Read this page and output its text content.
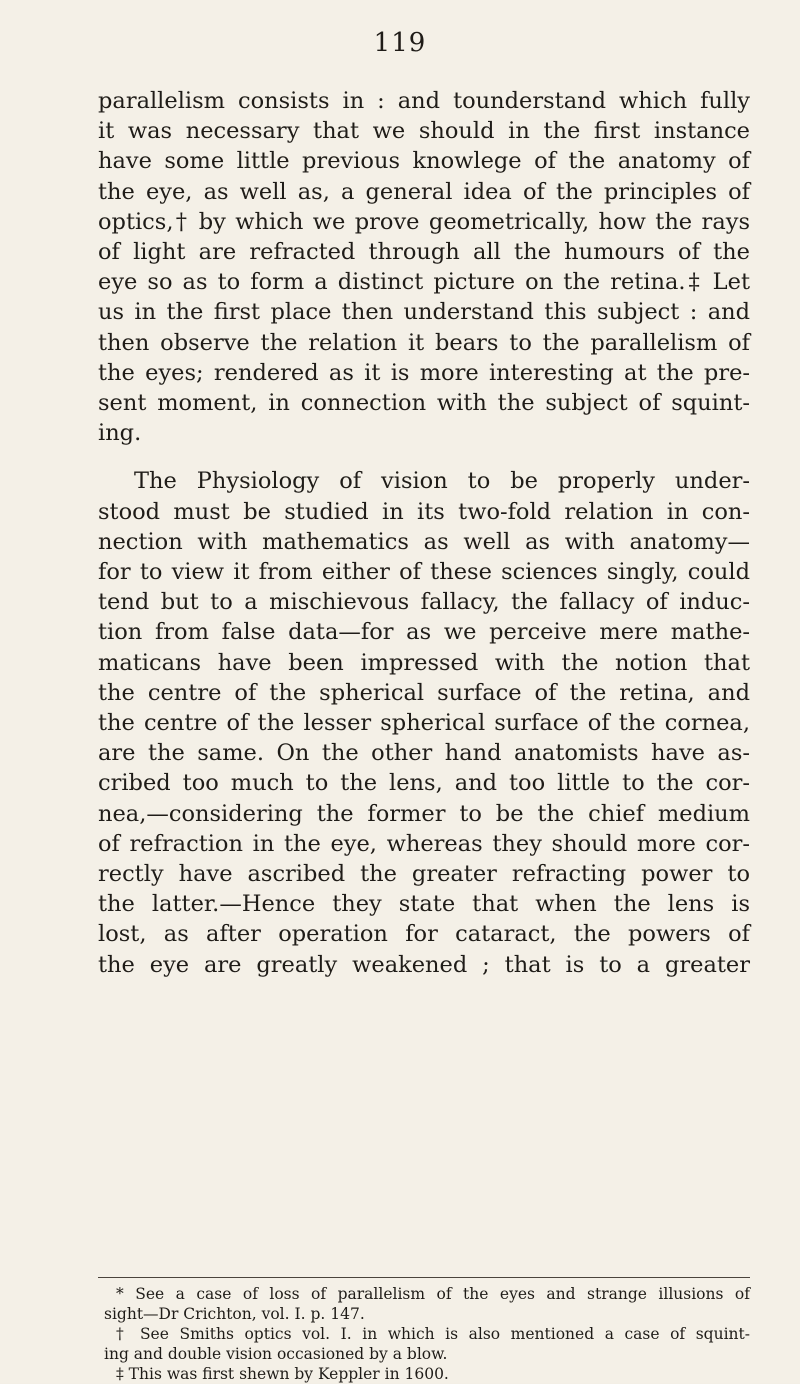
119
parallelism consists in : and tounderstand which fully
it was necessary that we should in the first instance
have some little previous knowlege of the anatomy of
the eye, as well as, a general idea of the principles of
optics,† by which we prove geometrically, how the rays
of light are refracted through all the humours of the
eye so as to form a distinct picture on the retina.‡ Let
us in the first place then understand this subject : and
then observe the relation it bears to the parallelism of
the eyes; rendered as it is more interesting at the pre-
sent moment, in connection with the subject of squint-
ing.
The Physiology of vision to be properly under-
stood must be studied in its two-fold relation in con-
nection with mathematics as well as with anatomy—
for to view it from either of these sciences singly, could
tend but to a mischievous fallacy, the fallacy of induc-
tion from false data—for as we perceive mere mathe-
maticans have been impressed with the notion that
the centre of the spherical surface of the retina, and
the centre of the lesser spherical surface of the cornea,
are the same. On the other hand anatomists have as-
cribed too much to the lens, and too little to the cor-
nea,—considering the former to be the chief medium
of refraction in the eye, whereas they should more cor-
rectly have ascribed the greater refracting power to
the latter.—Hence they state that when the lens is
lost, as after operation for cataract, the powers of
the eye are greatly weakened ; that is to a greater
* See a case of loss of parallelism of the eyes and strange illusions of
sight—Dr Crichton, vol. I. p. 147.
† See Smiths optics vol. I. in which is also mentioned a case of squint-
ing and double vision occasioned by a blow.
‡ This was first shewn by Keppler in 1600.
